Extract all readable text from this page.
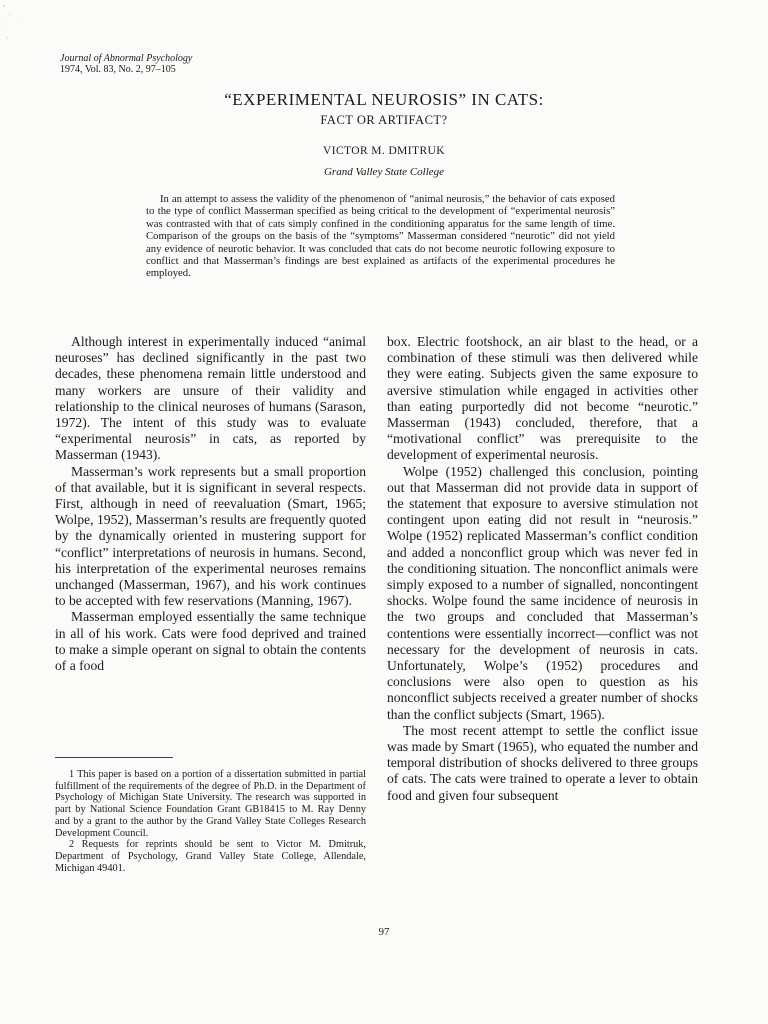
Journal of Abnormal Psychology
1974, Vol. 83, No. 2, 97–105
“EXPERIMENTAL NEUROSIS” IN CATS:
FACT OR ARTIFACT?
VICTOR M. DMITRUK
Grand Valley State College
In an attempt to assess the validity of the phenomenon of “animal neurosis,” the behavior of cats exposed to the type of conflict Masserman specified as being critical to the development of “experimental neurosis” was contrasted with that of cats simply confined in the conditioning apparatus for the same length of time. Comparison of the groups on the basis of the “symptoms” Masserman considered “neurotic” did not yield any evidence of neurotic behavior. It was concluded that cats do not become neurotic following exposure to conflict and that Masserman’s findings are best explained as artifacts of the experimental procedures he employed.

Although interest in experimentally induced “animal neuroses” has declined significantly in the past two decades, these phenomena remain little understood and many workers are unsure of their validity and relationship to the clinical neuroses of humans (Sarason, 1972). The intent of this study was to evaluate “experimental neurosis” in cats, as reported by Masserman (1943).

Masserman’s work represents but a small proportion of that available, but it is significant in several respects. First, although in need of reevaluation (Smart, 1965; Wolpe, 1952), Masserman’s results are frequently quoted by the dynamically oriented in mustering support for “conflict” interpretations of neurosis in humans. Second, his interpretation of the experimental neuroses remains unchanged (Masserman, 1967), and his work continues to be accepted with few reservations (Manning, 1967).

Masserman employed essentially the same technique in all of his work. Cats were food deprived and trained to make a simple operant on signal to obtain the contents of a food

1 This paper is based on a portion of a dissertation submitted in partial fulfillment of the requirements of the degree of Ph.D. in the Department of Psychology of Michigan State University. The research was supported in part by National Science Foundation Grant GB18415 to M. Ray Denny and by a grant to the author by the Grand Valley State Colleges Research Development Council.

2 Requests for reprints should be sent to Victor M. Dmitruk, Department of Psychology, Grand Valley State College, Allendale, Michigan 49401.

box. Electric footshock, an air blast to the head, or a combination of these stimuli was then delivered while they were eating. Subjects given the same exposure to aversive stimulation while engaged in activities other than eating purportedly did not become “neurotic.” Masserman (1943) concluded, therefore, that a “motivational conflict” was prerequisite to the development of experimental neurosis.

Wolpe (1952) challenged this conclusion, pointing out that Masserman did not provide data in support of the statement that exposure to aversive stimulation not contingent upon eating did not result in “neurosis.” Wolpe (1952) replicated Masserman’s conflict condition and added a nonconflict group which was never fed in the conditioning situation. The nonconflict animals were simply exposed to a number of signalled, noncontingent shocks. Wolpe found the same incidence of neurosis in the two groups and concluded that Masserman’s contentions were essentially incorrect—conflict was not necessary for the development of neurosis in cats. Unfortunately, Wolpe’s (1952) procedures and conclusions were also open to question as his nonconflict subjects received a greater number of shocks than the conflict subjects (Smart, 1965).

The most recent attempt to settle the conflict issue was made by Smart (1965), who equated the number and temporal distribution of shocks delivered to three groups of cats. The cats were trained to operate a lever to obtain food and given four subsequent

97
